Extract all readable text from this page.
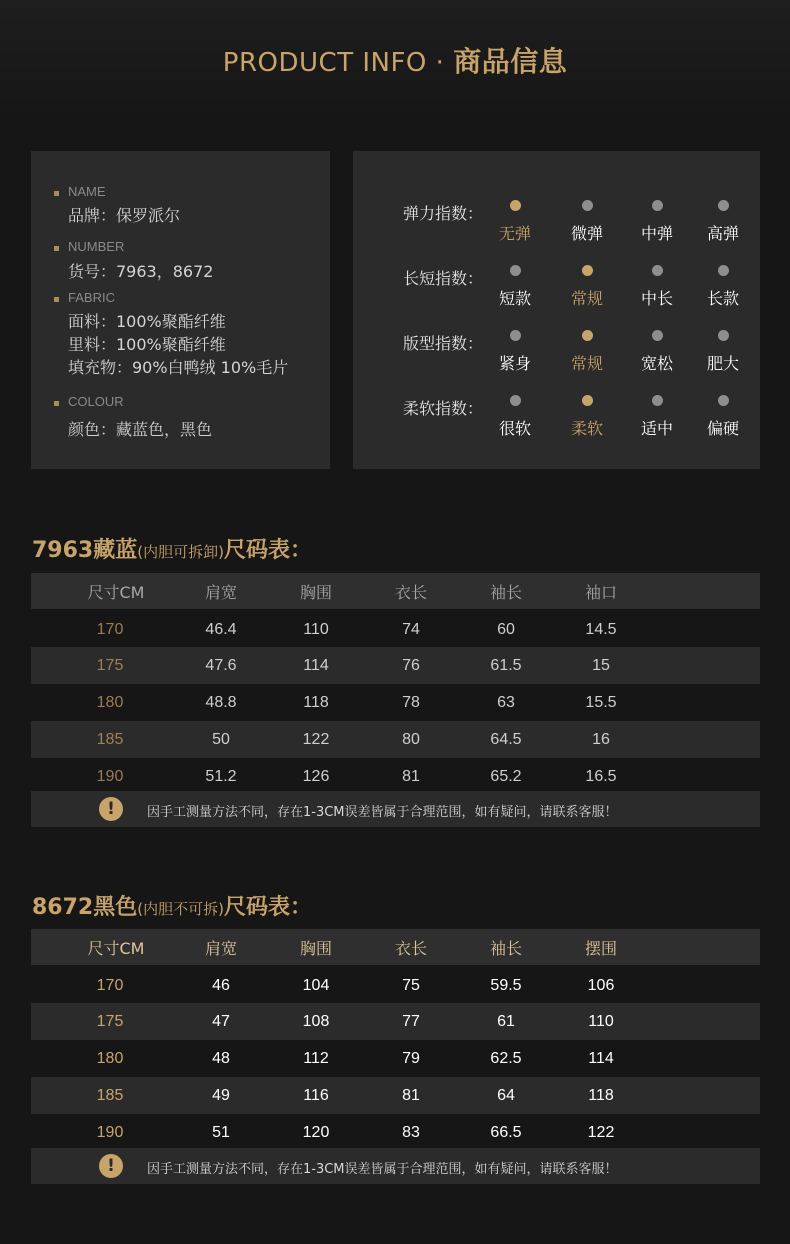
PRODUCT INFO · 商品信息
NAME
品牌：保罗派尔
NUMBER
货号：7963，8672
FABRIC
面料：100%聚酯纤维
里料：100%聚酯纤维
填充物：90%白鸭绒 10%毛片
COLOUR
颜色：藏蓝色，黑色
弹力指数：
无弹	微弹	中弹	高弹
长短指数：
短款	常规	中长	长款
版型指数：
紧身	常规	宽松	肥大
柔软指数：
很软	柔软	适中	偏硬
7963藏蓝(内胆可拆卸)尺码表：
尺寸CM	肩宽	胸围	衣长	袖长	袖口
170	46.4	110	74	60	14.5
175	47.6	114	76	61.5	15
180	48.8	118	78	63	15.5
185	50	122	80	64.5	16
190	51.2	126	81	65.2	16.5
!	因手工测量方法不同，存在1-3CM误差皆属于合理范围，如有疑问，请联系客服！
8672黑色(内胆不可拆)尺码表：
尺寸CM	肩宽	胸围	衣长	袖长	摆围
170	46	104	75	59.5	106
175	47	108	77	61	110
180	48	112	79	62.5	114
185	49	116	81	64	118
190	51	120	83	66.5	122
!	因手工测量方法不同，存在1-3CM误差皆属于合理范围，如有疑问，请联系客服！
